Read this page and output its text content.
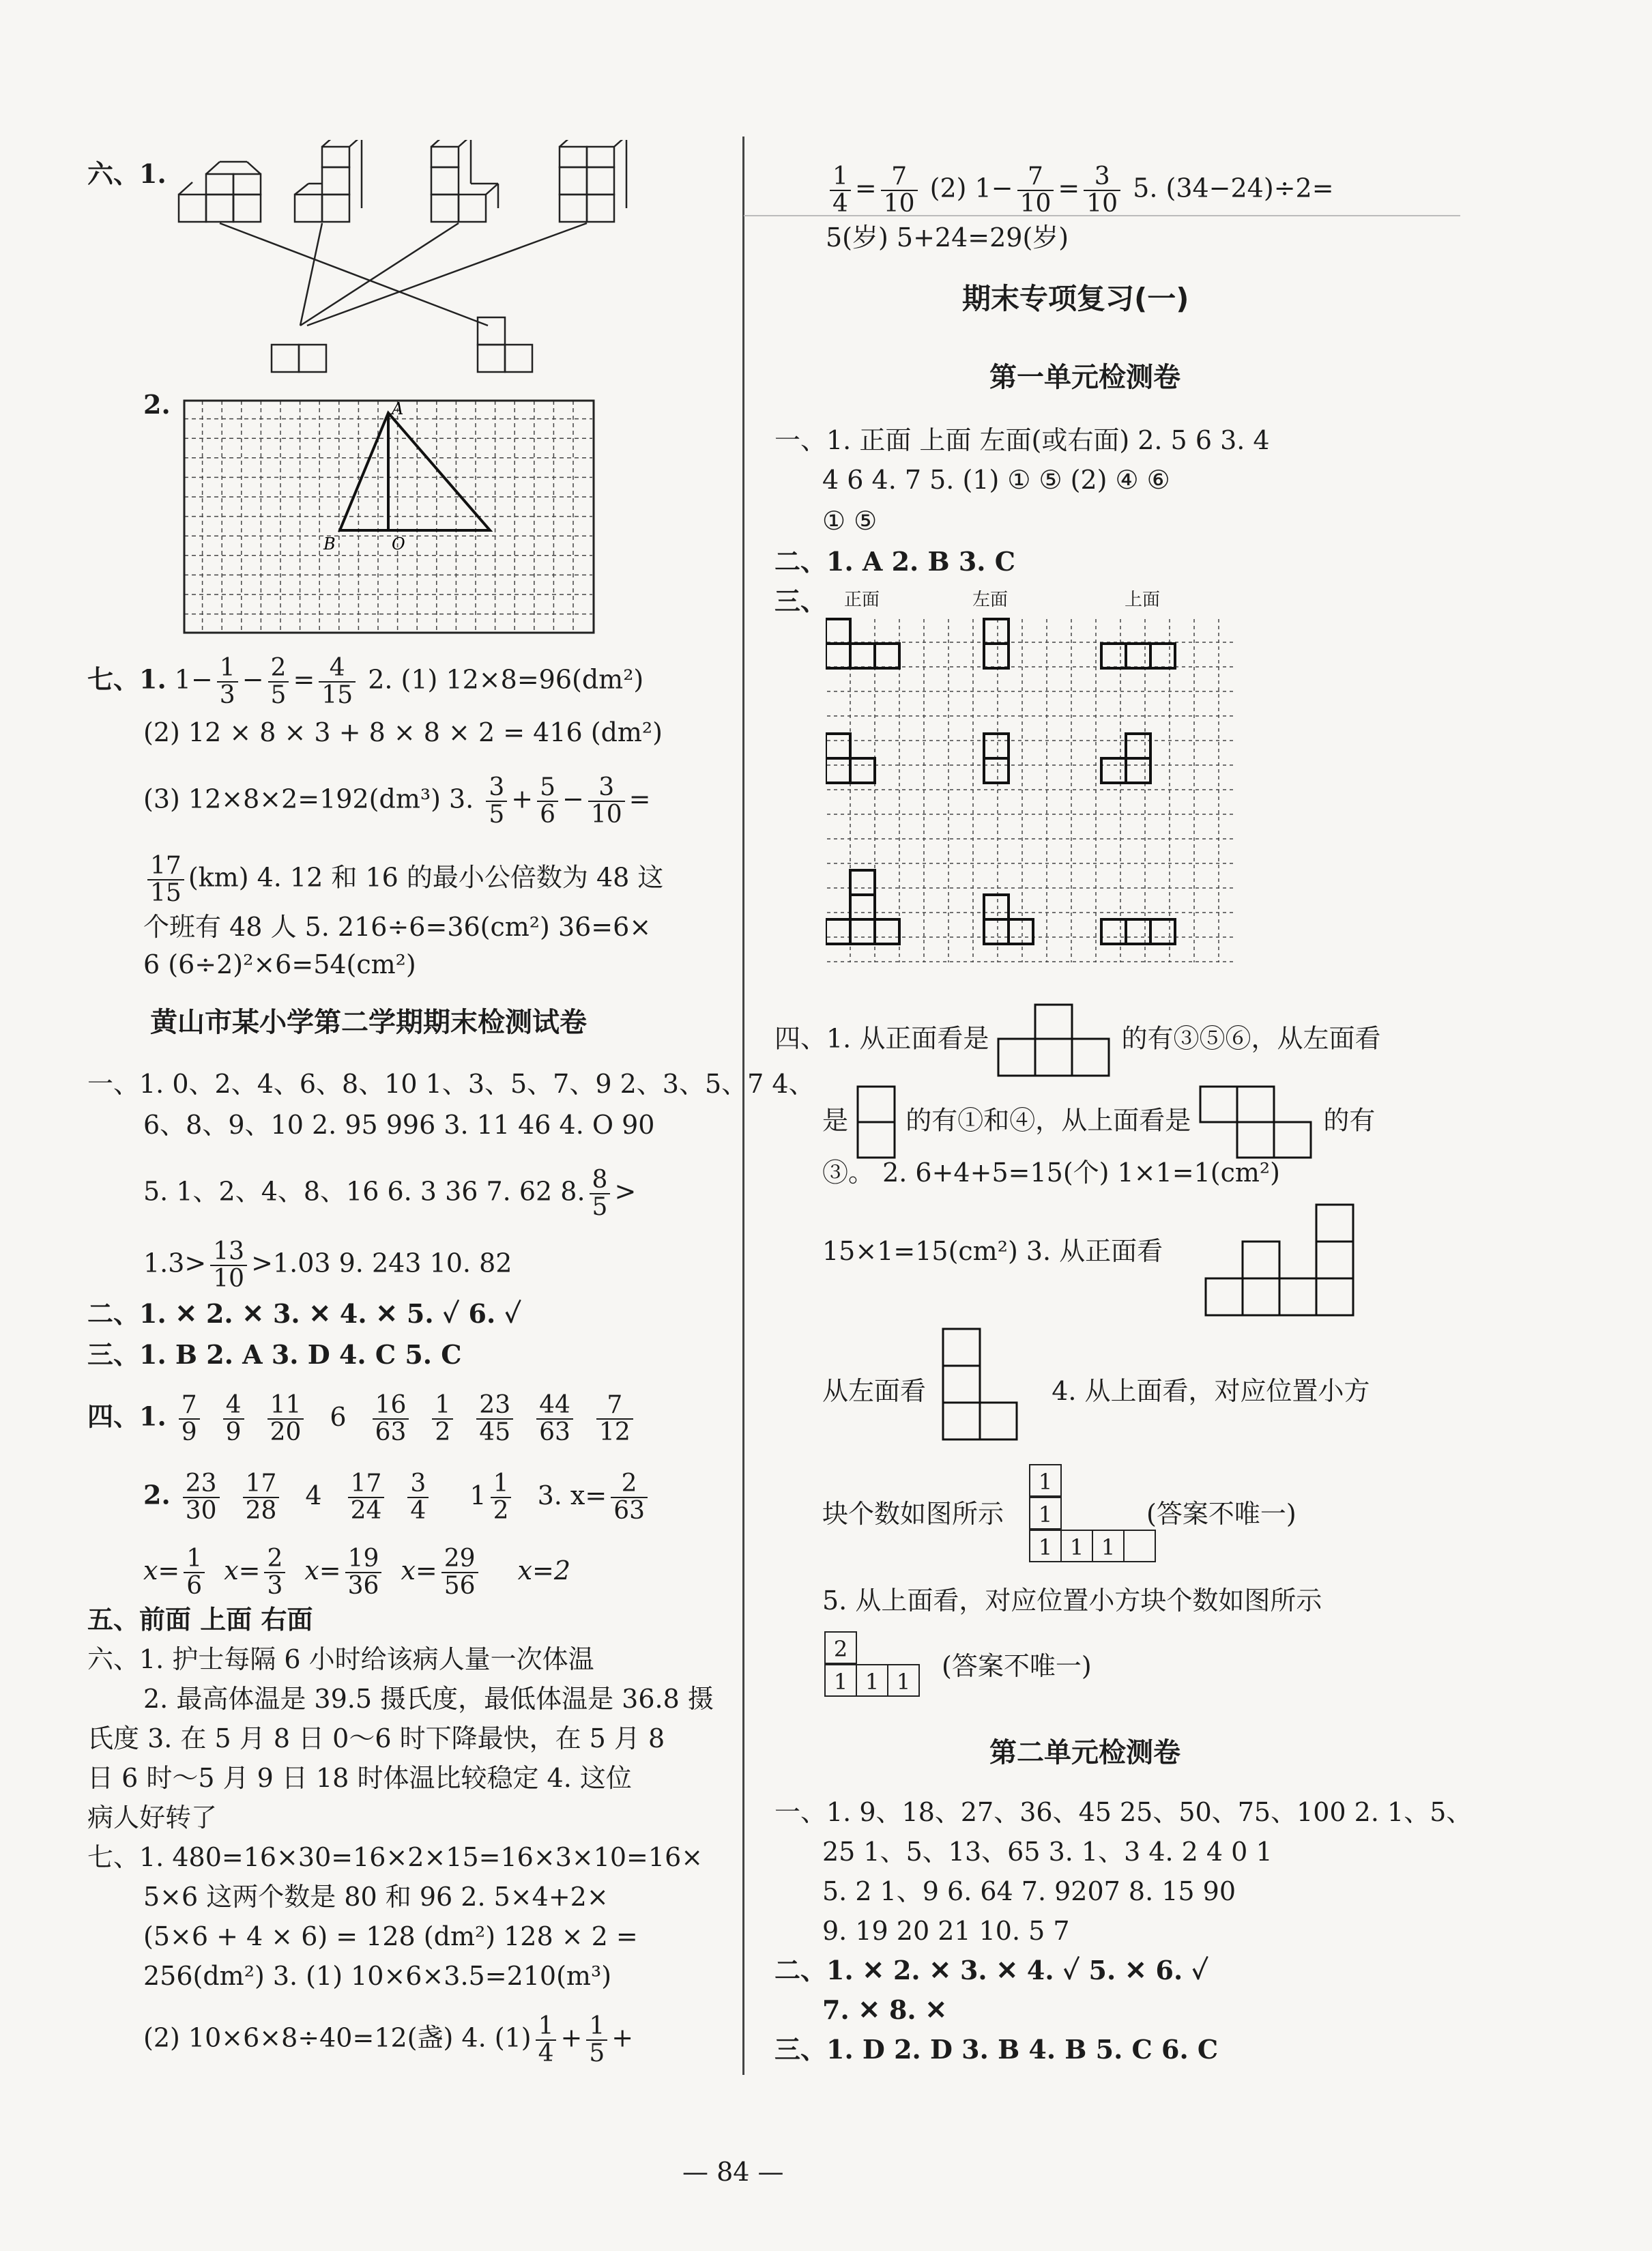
六、1.
2.	A
B	O
七、1. $1- \frac{1}{3} - \frac{2}{5} = \frac{4}{15} 2$. (1) 12×8=96(dm²)
(2) 12 × 8 × 3 + 8 × 8 × 2 = 416 (dm²)
(3) 12×8×2=192(dm³) 3. $\frac{3}{5} + \frac{5}{6} - \frac{3}{10}$ =
$\frac{17}{15} (km)$ 4. 12 和 16 的最小公倍数为 48 这
个班有 48 人 5. 216÷6=36(cm²) 36=6×
6 (6÷2)²×6=54(cm²)
黄山市某小学第二学期期末检测试卷
一、1. 0、2、4、6、8、10 1、3、5、7、9 2、3、5、7 4、
6、8、9、10 2. 95 996 3. 11 46 4. O 90
5. 1、2、4、8、16 6. 3 36 7. 62 8. $\frac{8}{5}$ >
$1.3> \frac{13}{10} >1.03$ 9. 243 10. 82
二、1. ✕ 2. ✕ 3. ✕ 4. ✕ 5. ✓ 6. ✓
三、1. B 2. A 3. D 4. C 5. C
四、1. $\frac{7}{9} \frac{4}{9} \frac{11}{20} 6 \frac{16}{63} \frac{1}{2} \frac{23}{45} \frac{44}{63} \frac{7}{12}$
2. $\frac{23}{30} \frac{17}{28} 4 \frac{17}{24} \frac{3}{4} 1 \frac{1}{2} 3$. $x= \frac{2}{63}$
$x= \frac{1}{6} x= \frac{2}{3} x= \frac{19}{36} x= \frac{29}{56} x=2$
五、前面 上面 右面
六、1. 护士每隔 6 小时给该病人量一次体温
2. 最高体温是 39.5 摄氏度，最低体温是 36.8 摄
氏度 3. 在 5 月 8 日 0～6 时下降最快，在 5 月 8
日 6 时～5 月 9 日 18 时体温比较稳定 4. 这位
病人好转了
七、1. 480=16×30=16×2×15=16×3×10=16×
5×6 这两个数是 80 和 96 2. 5×4+2×
(5×6 + 4 × 6) = 128 (dm²) 128 × 2 =
256(dm²) 3. (1) 10×6×3.5=210(m³)
(2) 10×6×8÷40=12(盏) 4. $(1) \frac{1}{4} + \frac{1}{5}$ +
$\frac{1}{4} = \frac{7}{10} (2)$ $1- \frac{7}{10} = \frac{3}{10} 5$. (34−24)÷2=
5(岁) 5+24=29(岁)
期末专项复习(一)
第一单元检测卷
一、1. 正面 上面 左面(或右面) 2. 5 6 3. 4
4 6 4. 7 5. (1) ① ⑤ (2) ④ ⑥
① ⑤
二、1. A 2. B 3. C
三、 正面	左面	上面
四、1. 从正面看是	的有③⑤⑥，从左面看
是 的有①和④，从上面看是	的有
③。 2. 6+4+5=15(个) 1×1=1(cm²)
15×1=15(cm²) 3. 从正面看
从左面看	4. 从上面看，对应位置小方
块个数如图所示
1
1
1 1 1
(答案不唯一)
5. 从上面看，对应位置小方块个数如图所示
2
1 1 1
(答案不唯一)
第二单元检测卷
一、1. 9、18、27、36、45 25、50、75、100 2. 1、5、
25 1、5、13、65 3. 1、3 4. 2 4 0 1
5. 2 1、9 6. 64 7. 9207 8. 15 90
9. 19 20 21 10. 5 7
二、1. ✕ 2. ✕ 3. ✕ 4. ✓ 5. ✕ 6. ✓
7. ✕ 8. ✕
三、1. D 2. D 3. B 4. B 5. C 6. C
— 84 —
